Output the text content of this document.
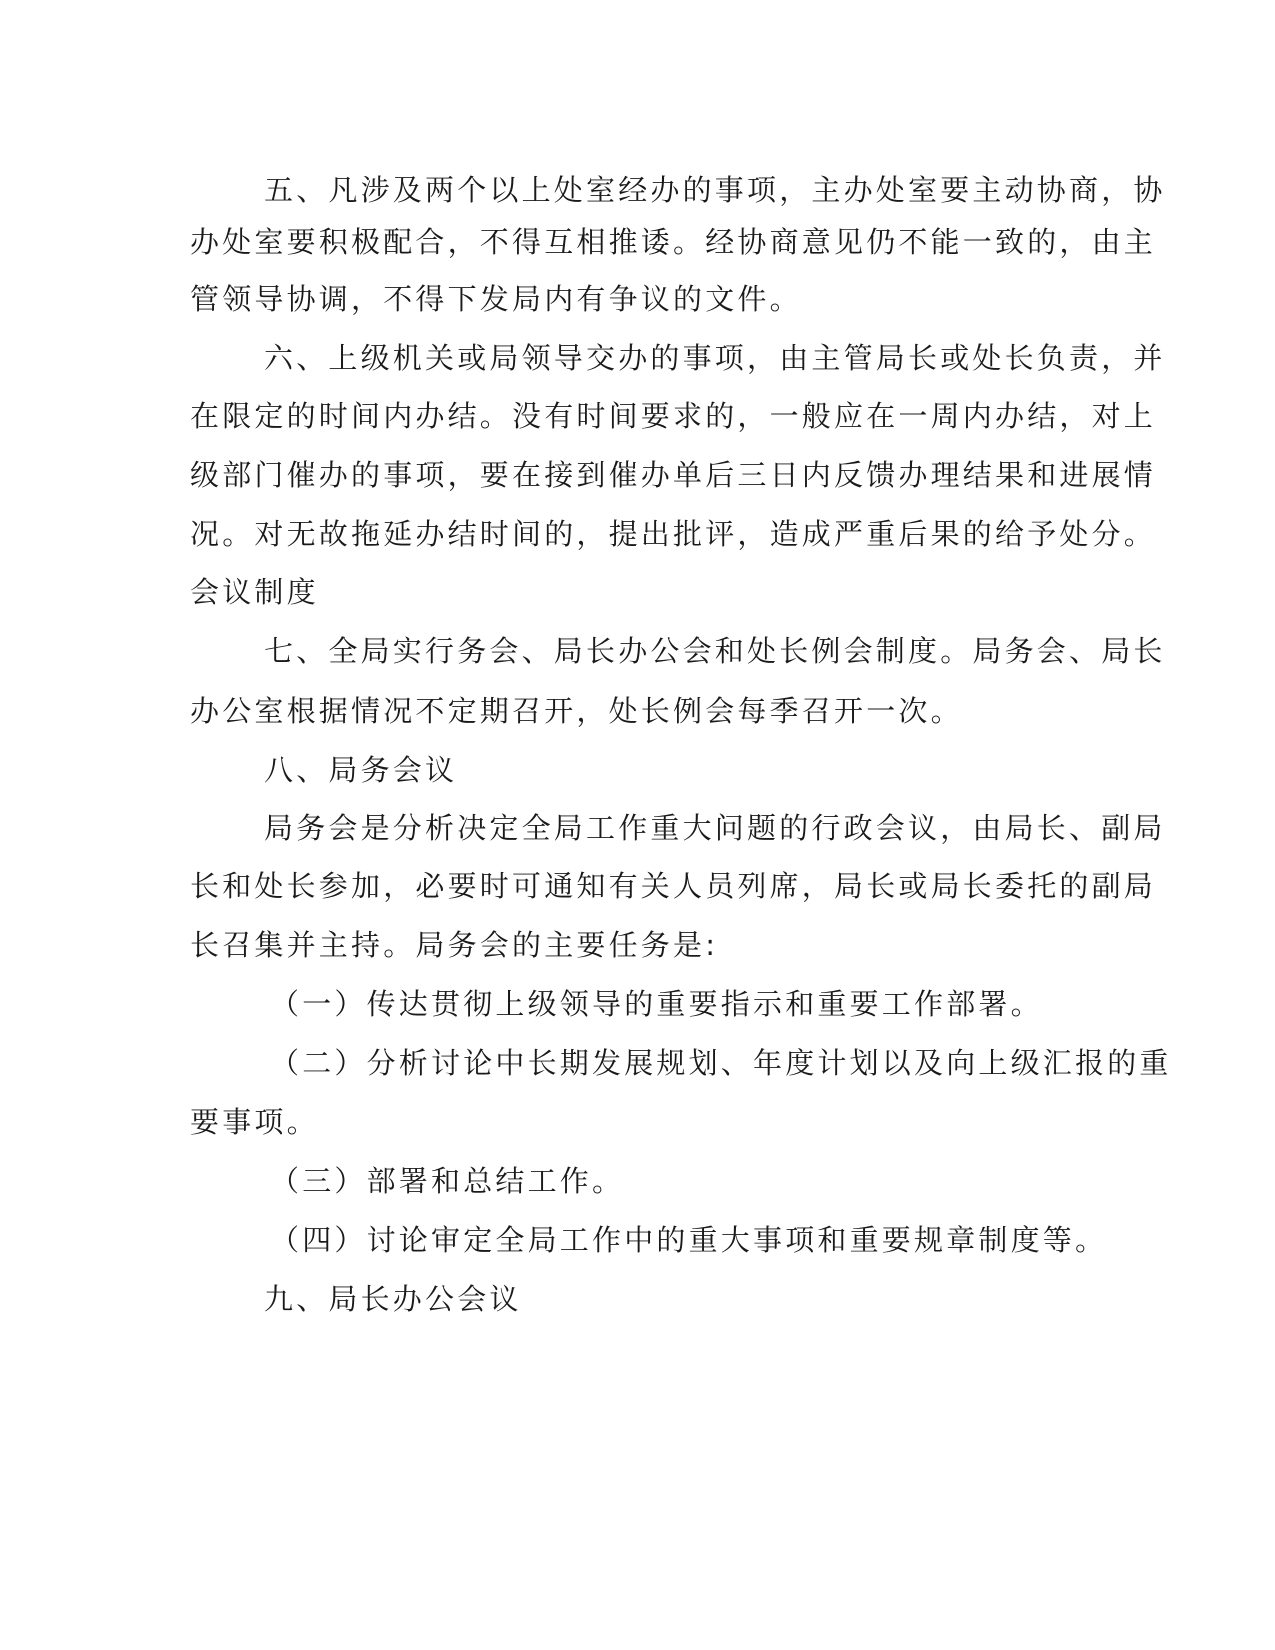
五、凡涉及两个以上处室经办的事项，主办处室要主动协商，协
办处室要积极配合，不得互相推诿。经协商意见仍不能一致的，由主
管领导协调，不得下发局内有争议的文件。
六、上级机关或局领导交办的事项，由主管局长或处长负责，并
在限定的时间内办结。没有时间要求的，一般应在一周内办结，对上
级部门催办的事项，要在接到催办单后三日内反馈办理结果和进展情
况。对无故拖延办结时间的，提出批评，造成严重后果的给予处分。
会议制度
七、全局实行务会、局长办公会和处长例会制度。局务会、局长
办公室根据情况不定期召开，处长例会每季召开一次。
八、局务会议
局务会是分析决定全局工作重大问题的行政会议，由局长、副局
长和处长参加，必要时可通知有关人员列席，局长或局长委托的副局
长召集并主持。局务会的主要任务是:
（一）传达贯彻上级领导的重要指示和重要工作部署。
（二）分析讨论中长期发展规划、年度计划以及向上级汇报的重
要事项。
（三）部署和总结工作。
（四）讨论审定全局工作中的重大事项和重要规章制度等。
九、局长办公会议
